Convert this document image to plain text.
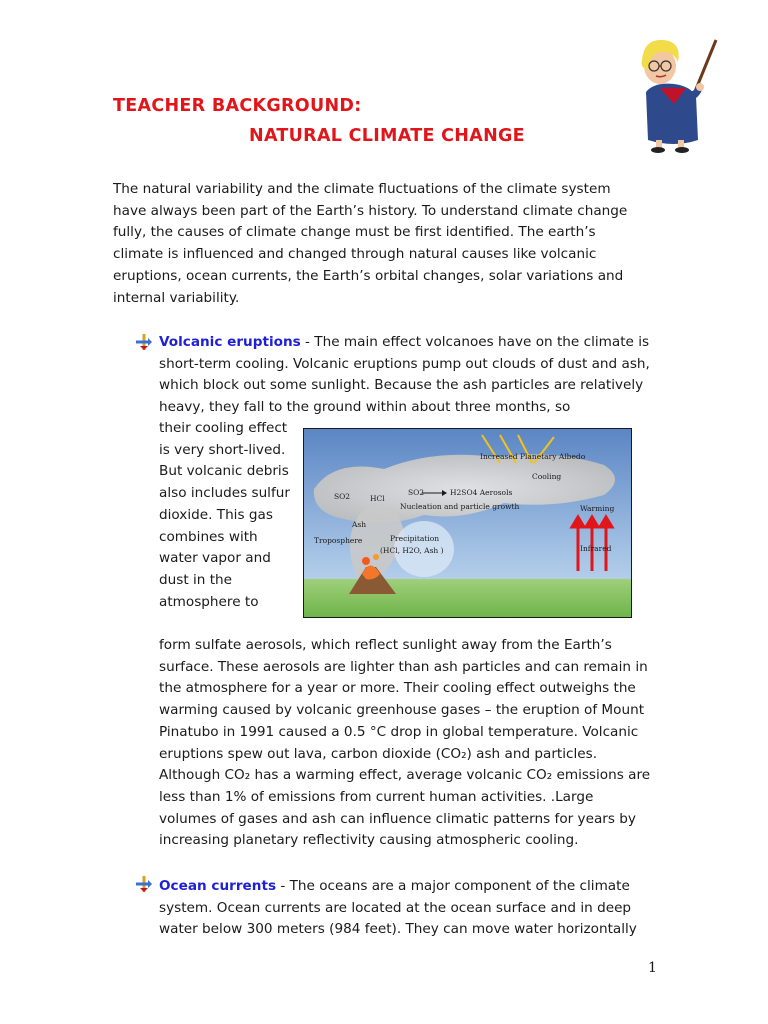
TEACHER BACKGROUND:
NATURAL CLIMATE CHANGE

The natural variability and the climate fluctuations of the climate system have always been part of the Earth’s history. To understand climate change fully, the causes of climate change must be first identified. The earth’s climate is influenced and changed through natural causes like volcanic eruptions, ocean currents, the Earth’s orbital changes, solar variations and internal variability.

Volcanic eruptions - The main effect volcanoes have on the climate is short-term cooling. Volcanic eruptions pump out clouds of dust and ash, which block out some sunlight. Because the ash particles are relatively heavy, they fall to the ground within about three months, so

their cooling effect is very short-lived. But volcanic debris also includes sulfur dioxide. This gas combines with water vapor and dust in the atmosphere to

Increased Planetary Albedo
Cooling
SO2	HCl
SO2	H2SO4 Aerosols
Nucleation and particle growth
Ash
Warming
Troposphere	Precipitation
(HCl, H2O, Ash )	Infrared

form sulfate aerosols, which reflect sunlight away from the Earth’s surface. These aerosols are lighter than ash particles and can remain in the atmosphere for a year or more. Their cooling effect outweighs the warming caused by volcanic greenhouse gases – the eruption of Mount Pinatubo in 1991 caused a 0.5 °C drop in global temperature. Volcanic eruptions spew out lava, carbon dioxide (CO₂) ash and particles. Although CO₂ has a warming effect, average volcanic CO₂ emissions are less than 1% of emissions from current human activities. .Large volumes of gases and ash can influence climatic patterns for years by increasing planetary reflectivity causing atmospheric cooling.

Ocean currents - The oceans are a major component of the climate system. Ocean currents are located at the ocean surface and in deep water below 300 meters (984 feet). They can move water horizontally

1
